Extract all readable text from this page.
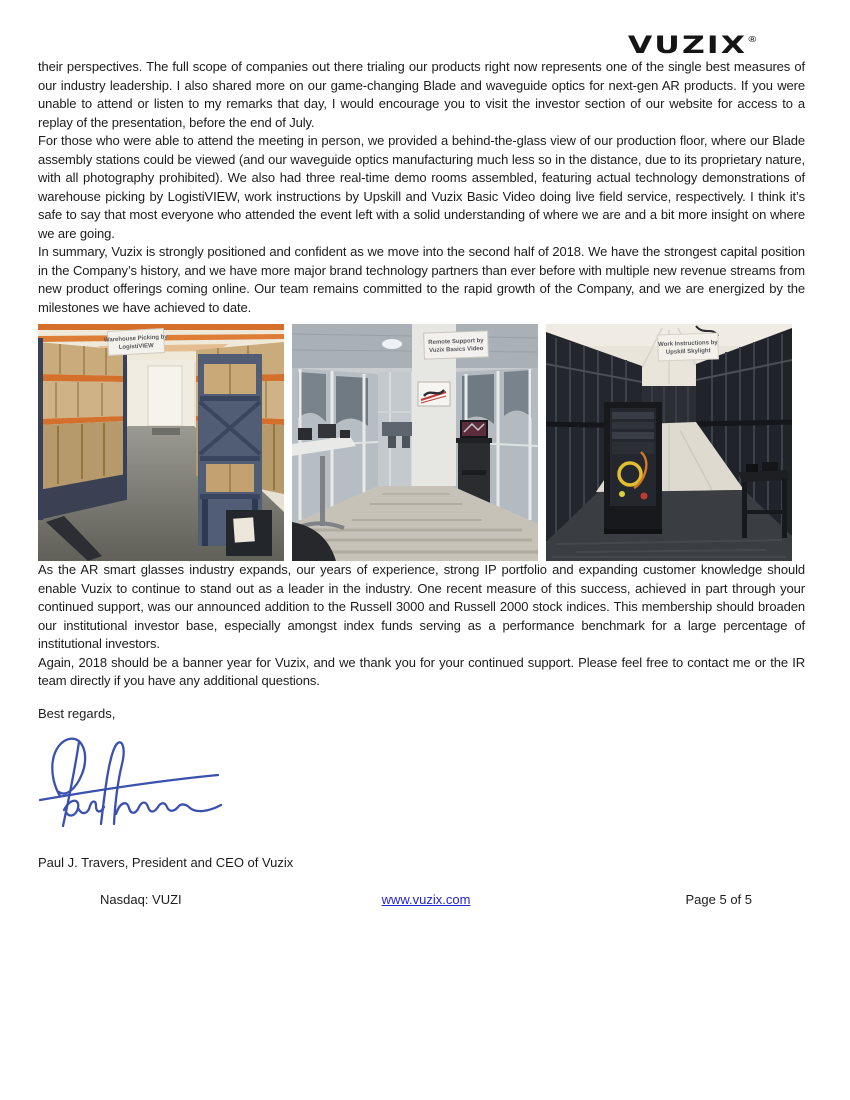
VUZIX®

their perspectives. The full scope of companies out there trialing our products right now represents one of the single best measures of our industry leadership. I also shared more on our game-changing Blade and waveguide optics for next-gen AR products. If you were unable to attend or listen to my remarks that day, I would encourage you to visit the investor section of our website for access to a replay of the presentation, before the end of July.

For those who were able to attend the meeting in person, we provided a behind-the-glass view of our production floor, where our Blade assembly stations could be viewed (and our waveguide optics manufacturing much less so in the distance, due to its proprietary nature, with all photography prohibited). We also had three real-time demo rooms assembled, featuring actual technology demonstrations of warehouse picking by LogistiVIEW, work instructions by Upskill and Vuzix Basic Video doing live field service, respectively. I think it’s safe to say that most everyone who attended the event left with a solid understanding of where we are and a bit more insight on where we are going.

In summary, Vuzix is strongly positioned and confident as we move into the second half of 2018. We have the strongest capital position in the Company’s history, and we have more major brand technology partners than ever before with multiple new revenue streams from new product offerings coming online. Our team remains committed to the rapid growth of the Company, and we are energized by the milestones we have achieved to date.

Warehouse Picking by
LogistiVIEW
Remote Support by
Vuzix Basics Video
Work Instructions by
Upskill Skylight

As the AR smart glasses industry expands, our years of experience, strong IP portfolio and expanding customer knowledge should enable Vuzix to continue to stand out as a leader in the industry. One recent measure of this success, achieved in part through your continued support, was our announced addition to the Russell 3000 and Russell 2000 stock indices. This membership should broaden our institutional investor base, especially amongst index funds serving as a performance benchmark for a large percentage of institutional investors.

Again, 2018 should be a banner year for Vuzix, and we thank you for your continued support. Please feel free to contact me or the IR team directly if you have any additional questions.

Best regards,

Paul J. Travers, President and CEO of Vuzix

Nasdaq: VUZI	www.vuzix.com	Page 5 of 5
